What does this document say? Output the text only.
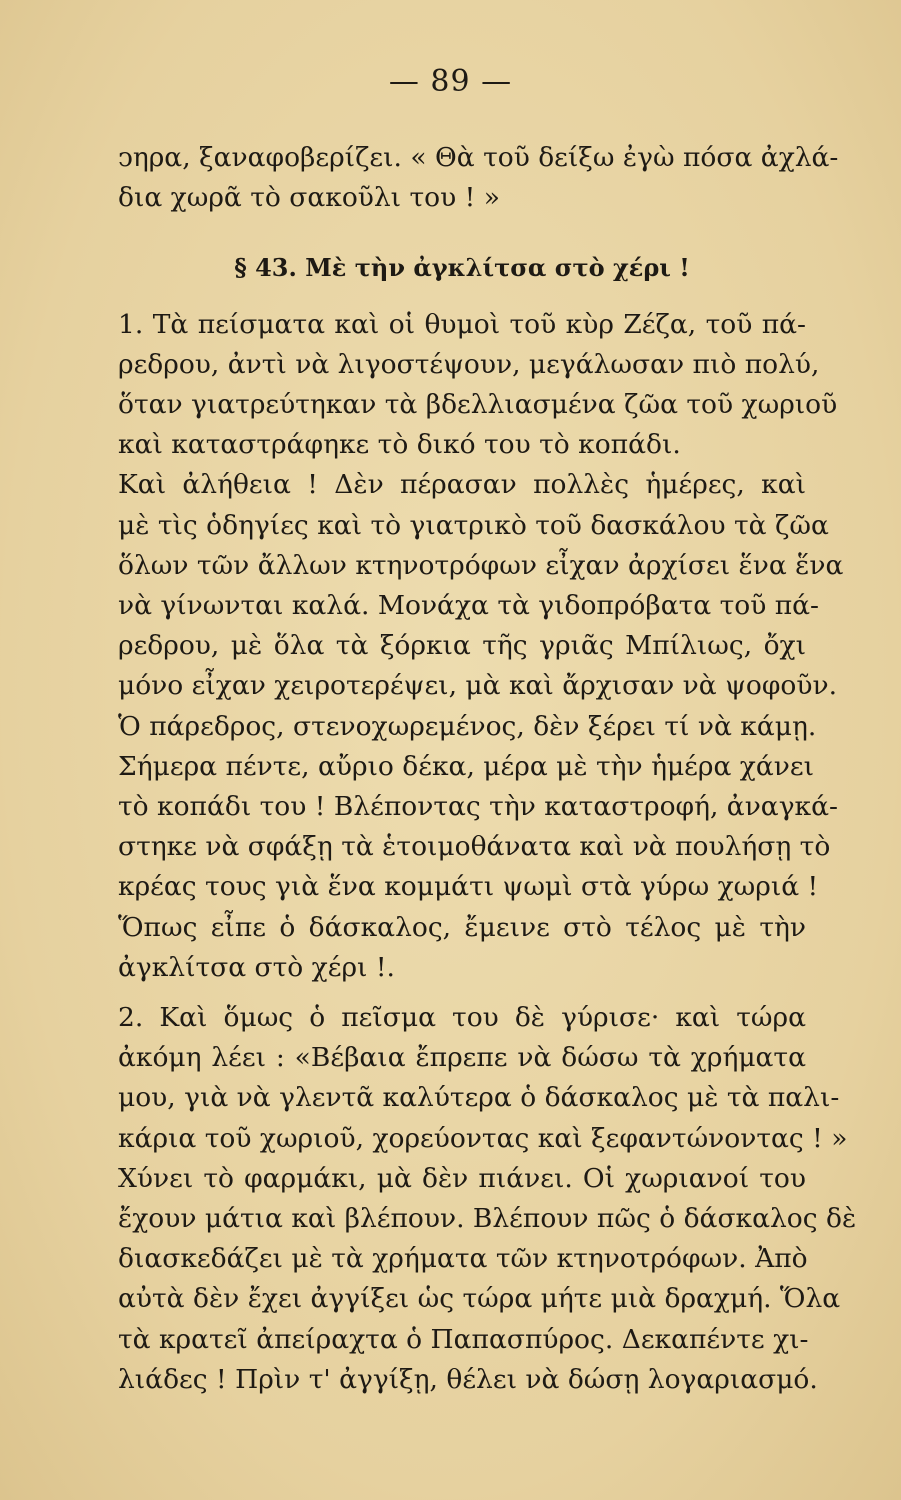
— 89 —
ͻηρα, ξαναφοβερίζει. « Θὰ τοῦ δείξω ἐγὼ πόσα ἀχλά-
δια χωρᾶ τὸ σακοῦλι του ! »
§ 43. Μὲ τὴν ἀγκλίτσα στὸ χέρι !
1. Τὰ πείσματα καὶ οἱ θυμοὶ τοῦ κὺρ Ζέζα, τοῦ πά-
ρεδρου, ἀντὶ νὰ λιγοστέψουν, μεγάλωσαν πιὸ πολύ,
ὅταν γιατρεύτηκαν τὰ βδελλιασμένα ζῶα τοῦ χωριοῦ
καὶ καταστράφηκε τὸ δικό του τὸ κοπάδι.
Καὶ ἀλήθεια ! Δὲν πέρασαν πολλὲς ἡμέρες, καὶ
μὲ τὶς ὁδηγίες καὶ τὸ γιατρικὸ τοῦ δασκάλου τὰ ζῶα
ὅλων τῶν ἄλλων κτηνοτρόφων εἶχαν ἀρχίσει ἕνα ἕνα
νὰ γίνωνται καλά. Μονάχα τὰ γιδοπρόβατα τοῦ πά-
ρεδρου, μὲ ὅλα τὰ ξόρκια τῆς γριᾶς Μπίλιως, ὄχι
μόνο εἶχαν χειροτερέψει, μὰ καὶ ἄρχισαν νὰ ψοφοῦν.
Ὁ πάρεδρος, στενοχωρεμένος, δὲν ξέρει τί νὰ κάμῃ.
Σήμερα πέντε, αὔριο δέκα, μέρα μὲ τὴν ἡμέρα χάνει
τὸ κοπάδι του ! Βλέποντας τὴν καταστροφή, ἀναγκά-
στηκε νὰ σφάξῃ τὰ ἑτοιμοθάνατα καὶ νὰ πουλήσῃ τὸ
κρέας τους γιὰ ἕνα κομμάτι ψωμὶ στὰ γύρω χωριά !
Ὅπως εἶπε ὁ δάσκαλος, ἔμεινε στὸ τέλος μὲ τὴν
ἀγκλίτσα στὸ χέρι !.
2. Καὶ ὅμως ὁ πεῖσμα του δὲ γύρισε· καὶ τώρα
ἀκόμη λέει : «Βέβαια ἔπρεπε νὰ δώσω τὰ χρήματα
μου, γιὰ νὰ γλεντᾶ καλύτερα ὁ δάσκαλος μὲ τὰ παλι-
κάρια τοῦ χωριοῦ, χορεύοντας καὶ ξεφαντώνοντας ! »
Χύνει τὸ φαρμάκι, μὰ δὲν πιάνει. Οἱ χωριανοί του
ἔχουν μάτια καὶ βλέπουν. Βλέπουν πῶς ὁ δάσκαλος δὲ
διασκεδάζει μὲ τὰ χρήματα τῶν κτηνοτρόφων. Ἀπὸ
αὐτὰ δὲν ἔχει ἀγγίξει ὡς τώρα μήτε μιὰ δραχμή. Ὅλα
τὰ κρατεῖ ἀπείραχτα ὁ Παπασπύρος. Δεκαπέντε χι-
λιάδες ! Πρὶν τ' ἀγγίξῃ, θέλει νὰ δώσῃ λογαριασμό.
